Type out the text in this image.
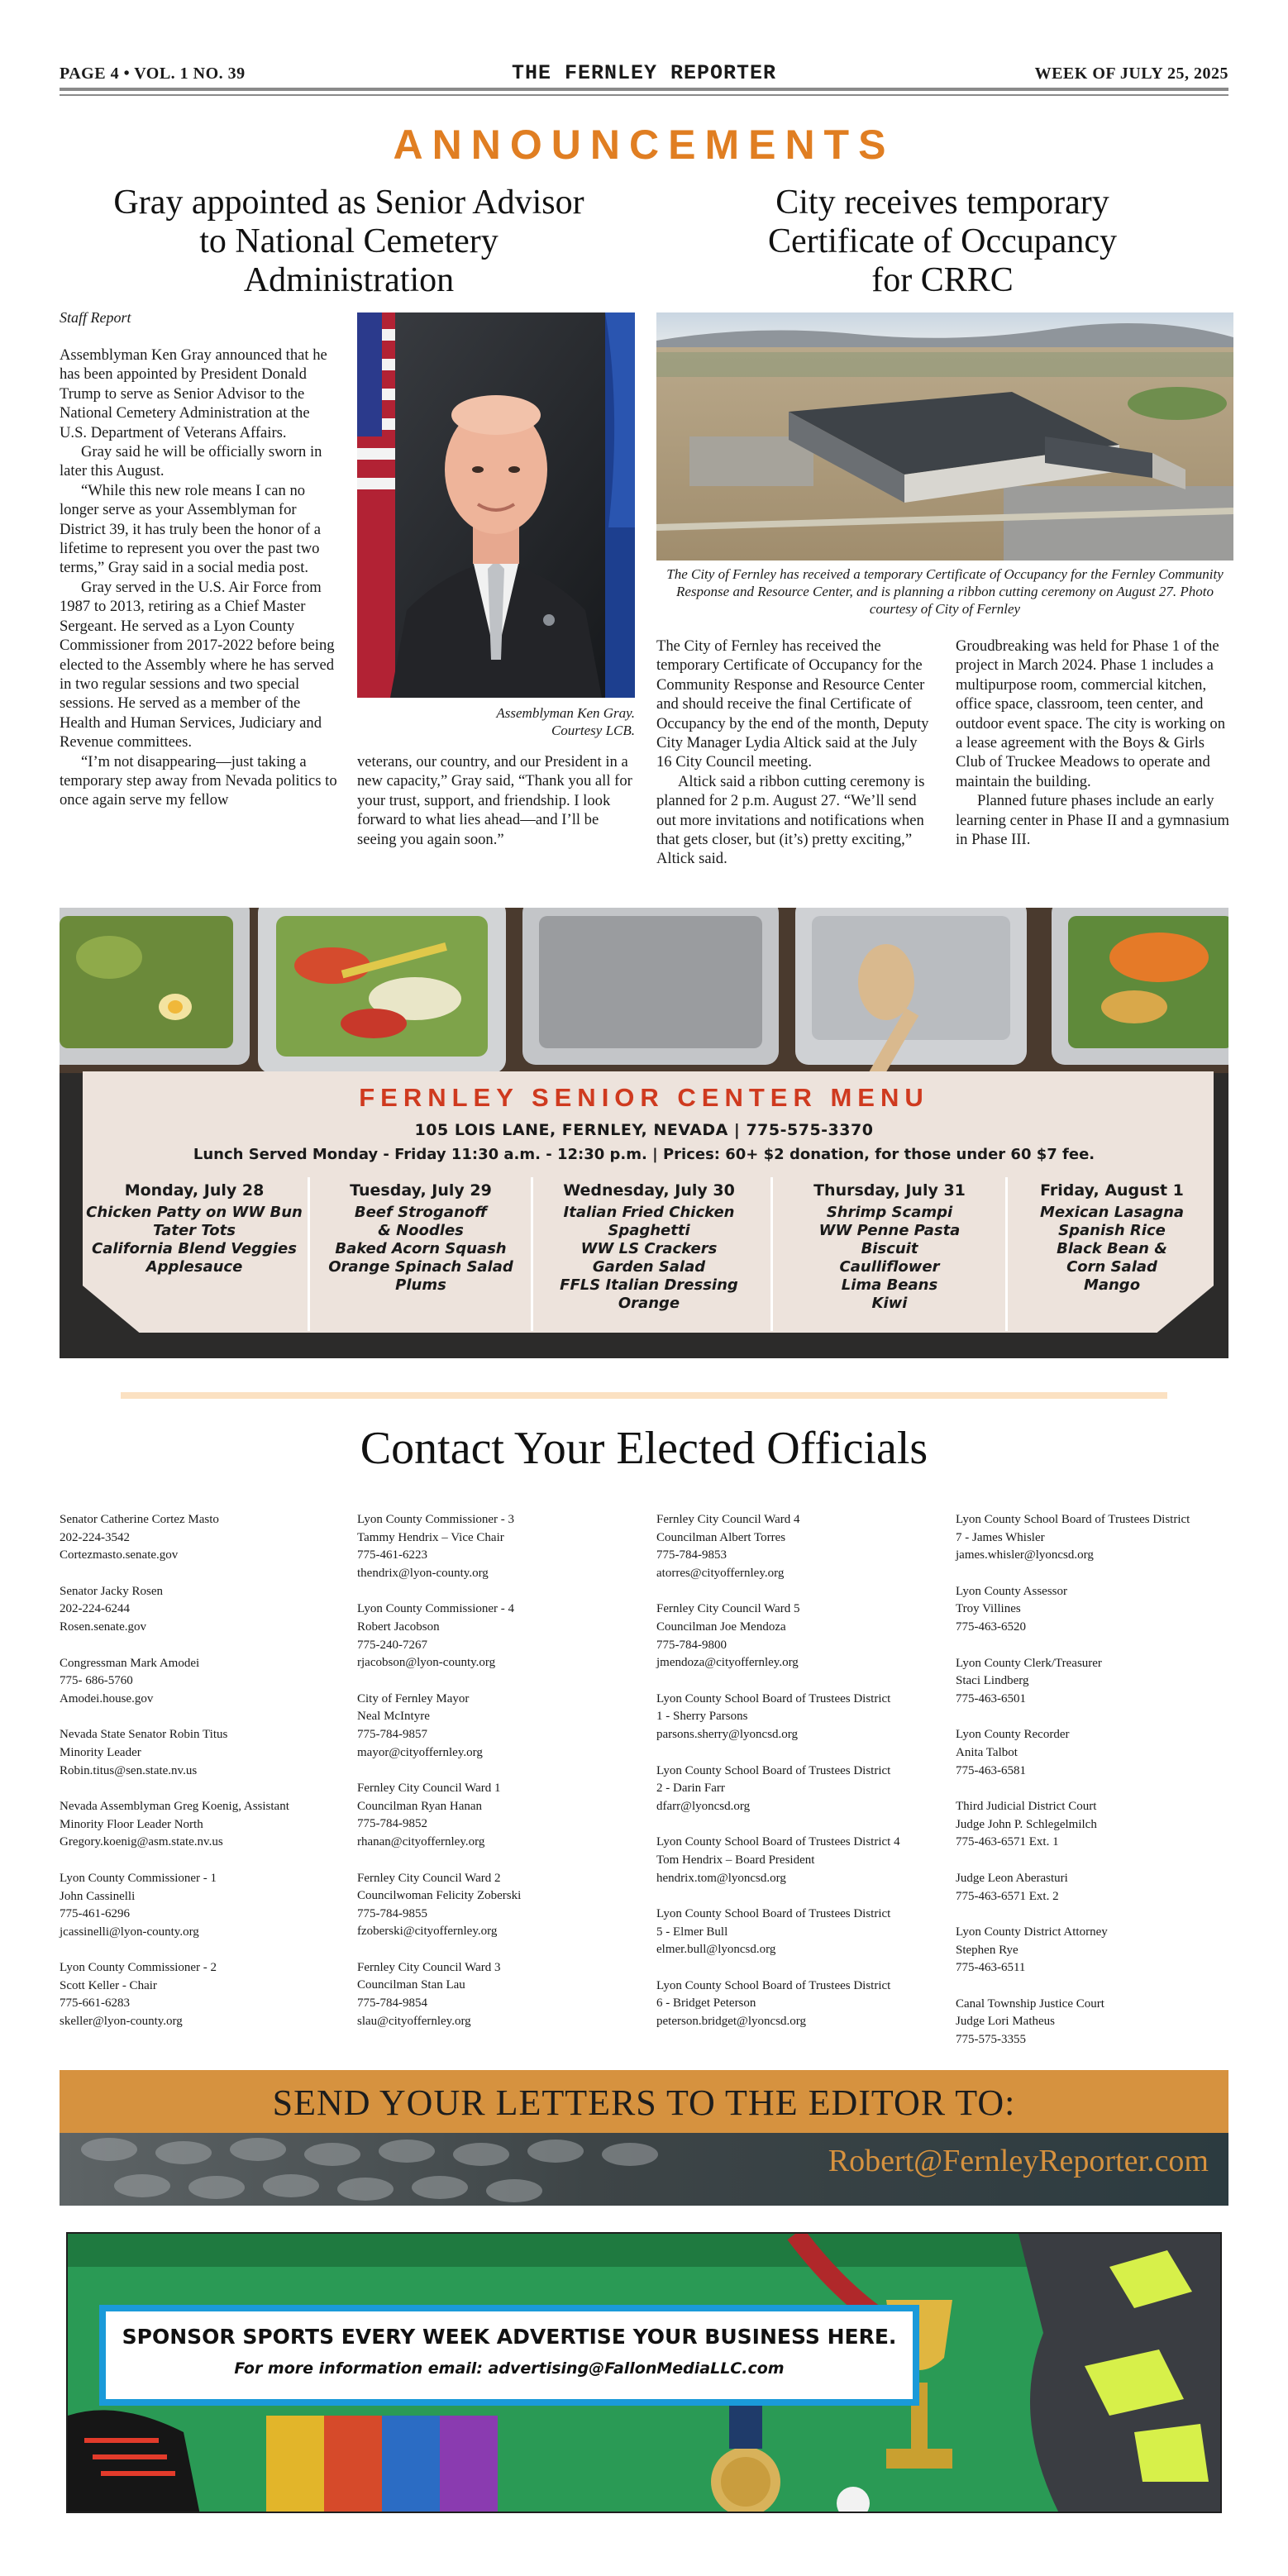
PAGE 4 • VOL. 1 NO. 39	THE FERNLEY REPORTER	WEEK OF JULY 25, 2025
ANNOUNCEMENTS
Gray appointed as Senior Advisor
to National Cemetery
Administration
Staff Report

Assemblyman Ken Gray announced that he has been appointed by President Donald Trump to serve as Senior Advisor to the National Cemetery Administration at the U.S. Department of Veterans Affairs.

Gray said he will be officially sworn in later this August.

“While this new role means I can no longer serve as your Assemblyman for District 39, it has truly been the honor of a lifetime to represent you over the past two terms,” Gray said in a social media post.

Gray served in the U.S. Air Force from 1987 to 2013, retiring as a Chief Master Sergeant. He served as a Lyon County Commissioner from 2017-2022 before being elected to the Assembly where he has served in two regular sessions and two special sessions. He served as a member of the Health and Human Services, Judiciary and Revenue committees.

“I’m not disappearing—just taking a temporary step away from Nevada politics to once again serve my fellow

Assemblyman Ken Gray.
Courtesy LCB.

veterans, our country, and our President in a new capacity,” Gray said, “Thank you all for your trust, support, and friendship. I look forward to what lies ahead—and I’ll be seeing you again soon.”

City receives temporary
Certificate of Occupancy
for CRRC
The City of Fernley has received a temporary Certificate of Occupancy for the Fernley Community Response and Resource Center, and is planning a ribbon cutting ceremony on August 27. Photo courtesy of City of Fernley

The City of Fernley has received the temporary Certificate of Occupancy for the Community Response and Resource Center and should receive the final Certificate of Occupancy by the end of the month, Deputy City Manager Lydia Altick said at the July 16 City Council meeting.

Altick said a ribbon cutting ceremony is planned for 2 p.m. August 27. “We’ll send out more invitations and notifications when that gets closer, but (it’s) pretty exciting,” Altick said.

Groudbreaking was held for Phase 1 of the project in March 2024. Phase 1 includes a multipurpose room, commercial kitchen, office space, classroom, teen center, and outdoor event space. The city is working on a lease agreement with the Boys & Girls Club of Truckee Meadows to operate and maintain the building.

Planned future phases include an early learning center in Phase II and a gymnasium in Phase III.

FERNLEY SENIOR CENTER MENU
105 LOIS LANE, FERNLEY, NEVADA | 775-575-3370
Lunch Served Monday - Friday 11:30 a.m. - 12:30 p.m. | Prices: 60+ $2 donation, for those under 60 $7 fee.
Monday, July 28
Chicken Patty on WW Bun
Tater Tots
California Blend Veggies
Applesauce
Tuesday, July 29
Beef Stroganoff
& Noodles
Baked Acorn Squash
Orange Spinach Salad
Plums
Wednesday, July 30
Italian Fried Chicken
Spaghetti
WW LS Crackers
Garden Salad
FFLS Italian Dressing
Orange
Thursday, July 31
Shrimp Scampi
WW Penne Pasta
Biscuit
Caulliflower
Lima Beans
Kiwi
Friday, August 1
Mexican Lasagna
Spanish Rice
Black Bean &
Corn Salad
Mango
Contact Your Elected Officials
Senator Catherine Cortez Masto
202-224-3542
Cortezmasto.senate.gov
Senator Jacky Rosen
202-224-6244
Rosen.senate.gov
Congressman Mark Amodei
775- 686-5760
Amodei.house.gov
Nevada State Senator Robin Titus
Minority Leader
Robin.titus@sen.state.nv.us
Nevada Assemblyman Greg Koenig, Assistant
Minority Floor Leader North
Gregory.koenig@asm.state.nv.us
Lyon County Commissioner - 1
John Cassinelli
775-461-6296
jcassinelli@lyon-county.org
Lyon County Commissioner - 2
Scott Keller - Chair
775-661-6283
skeller@lyon-county.org
Lyon County Commissioner - 3
Tammy Hendrix – Vice Chair
775-461-6223
thendrix@lyon-county.org
Lyon County Commissioner - 4
Robert Jacobson
775-240-7267
rjacobson@lyon-county.org
City of Fernley Mayor
Neal McIntyre
775-784-9857
mayor@cityoffernley.org
Fernley City Council Ward 1
Councilman Ryan Hanan
775-784-9852
rhanan@cityoffernley.org
Fernley City Council Ward 2
Councilwoman Felicity Zoberski
775-784-9855
fzoberski@cityoffernley.org
Fernley City Council Ward 3
Councilman Stan Lau
775-784-9854
slau@cityoffernley.org
Fernley City Council Ward 4
Councilman Albert Torres
775-784-9853
atorres@cityoffernley.org
Fernley City Council Ward 5
Councilman Joe Mendoza
775-784-9800
jmendoza@cityoffernley.org
Lyon County School Board of Trustees District
1 - Sherry Parsons
parsons.sherry@lyoncsd.org
Lyon County School Board of Trustees District
2 - Darin Farr
dfarr@lyoncsd.org
Lyon County School Board of Trustees District 4
Tom Hendrix – Board President
hendrix.tom@lyoncsd.org
Lyon County School Board of Trustees District
5 - Elmer Bull
elmer.bull@lyoncsd.org
Lyon County School Board of Trustees District
6 - Bridget Peterson
peterson.bridget@lyoncsd.org
Lyon County School Board of Trustees District
7 - James Whisler
james.whisler@lyoncsd.org
Lyon County Assessor
Troy Villines
775-463-6520
Lyon County Clerk/Treasurer
Staci Lindberg
775-463-6501
Lyon County Recorder
Anita Talbot
775-463-6581
Third Judicial District Court
Judge John P. Schlegelmilch
775-463-6571 Ext. 1
Judge Leon Aberasturi
775-463-6571 Ext. 2
Lyon County District Attorney
Stephen Rye
775-463-6511
Canal Township Justice Court
Judge Lori Matheus
775-575-3355
SEND YOUR LETTERS TO THE EDITOR TO:
Robert@FernleyReporter.com
SPONSOR SPORTS EVERY WEEK ADVERTISE YOUR BUSINESS HERE.
For more information email: advertising@FallonMediaLLC.com
